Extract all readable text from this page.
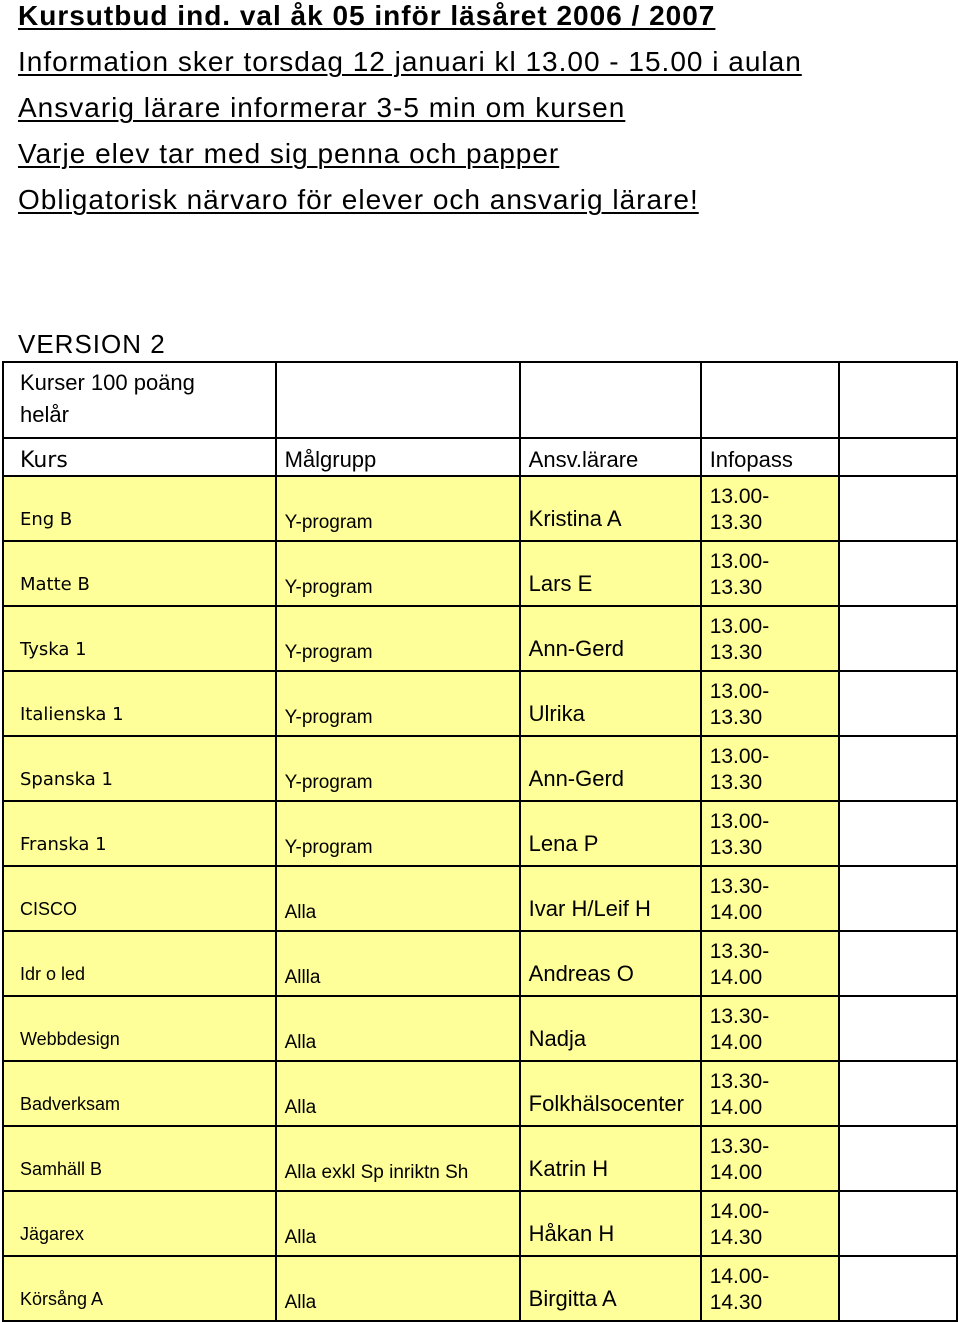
Kursutbud ind. val åk 05 inför läsåret 2006 / 2007
Information sker torsdag 12 januari kl 13.00 - 15.00 i aulan
Ansvarig lärare informerar 3-5 min om kursen
Varje elev tar med sig penna och papper
Obligatorisk närvaro för elever och ansvarig lärare!
VERSION 2
Kurser 100 poäng
helår				

Kurs	Målgrupp	Ansv.lärare	Infopass	
Eng B	Y-program	Kristina A	13.00-
13.30	

Matte B	Y-program	Lars E	13.00-
13.30	

Tyska 1	Y-program	Ann-Gerd	13.00-
13.30	

Italienska 1	Y-program	Ulrika	13.00-
13.30	

Spanska 1	Y-program	Ann-Gerd	13.00-
13.30	

Franska 1	Y-program	Lena P	13.00-
13.30	

CISCO	Alla	Ivar H/Leif H	13.30-
14.00	

Idr o led	Allla	Andreas O	13.30-
14.00	

Webbdesign	Alla	Nadja	13.30-
14.00	

Badverksam	Alla	Folkhälsocenter	13.30-
14.00	

Samhäll B	Alla exkl Sp inriktn Sh	Katrin H	13.30-
14.00	

Jägarex	Alla	Håkan H	14.00-
14.30	

Körsång A	Alla	Birgitta A	14.00-
14.30	
